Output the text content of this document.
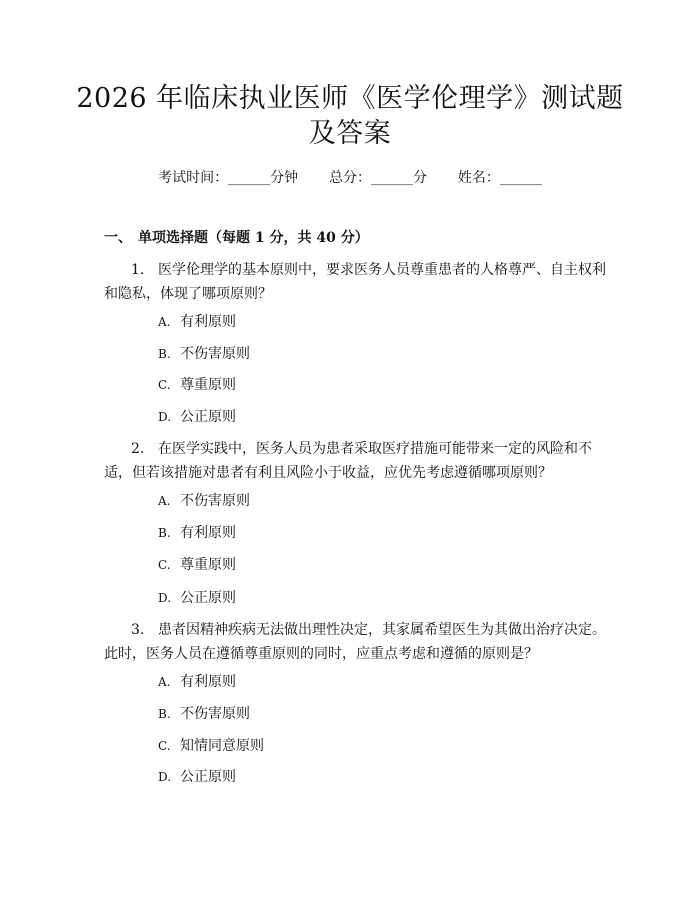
2026 年临床执业医师《医学伦理学》测试题
及答案
考试时间：______分钟 总分：______分 姓名：______
一、 单项选择题（每题 1 分，共 40 分）
1. 医学伦理学的基本原则中，要求医务人员尊重患者的人格尊严、自主权利
和隐私，体现了哪项原则？
A. 有利原则
B. 不伤害原则
C. 尊重原则
D. 公正原则
2. 在医学实践中，医务人员为患者采取医疗措施可能带来一定的风险和不
适，但若该措施对患者有利且风险小于收益，应优先考虑遵循哪项原则？
A. 不伤害原则
B. 有利原则
C. 尊重原则
D. 公正原则
3. 患者因精神疾病无法做出理性决定，其家属希望医生为其做出治疗决定。
此时，医务人员在遵循尊重原则的同时，应重点考虑和遵循的原则是？
A. 有利原则
B. 不伤害原则
C. 知情同意原则
D. 公正原则
